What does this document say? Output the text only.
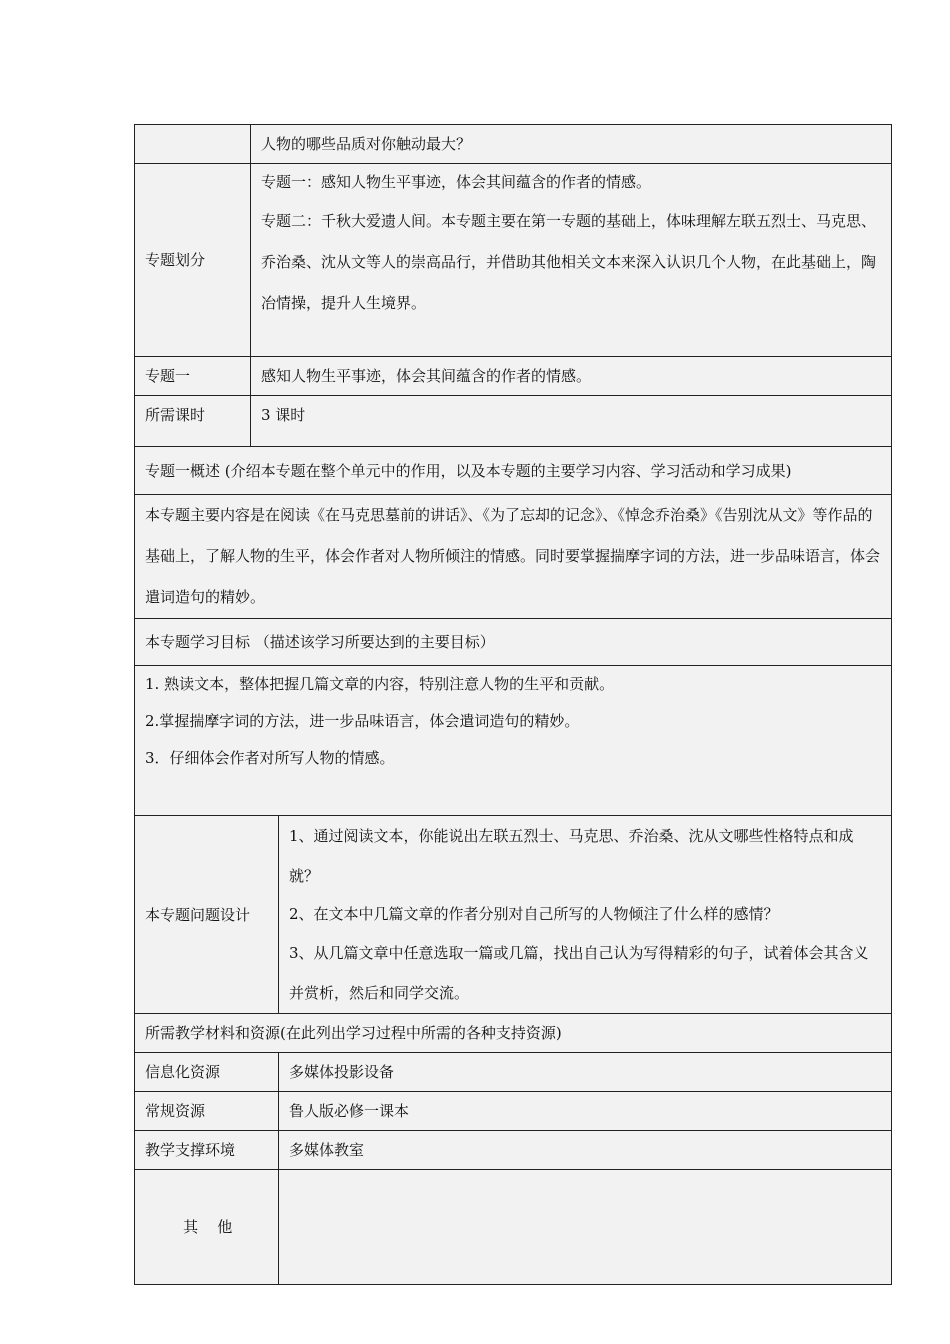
	人物的哪些品质对你触动最大？	
专题划分	专题一：感知人物生平事迹，体会其间蕴含的作者的情感。

专题二：千秋大爱遗人间。本专题主要在第一专题的基础上，体味理解左联五烈士、马克思、乔治桑、沈从文等人的崇高品行，并借助其他相关文本来深入认识几个人物，在此基础上，陶冶情操，提升人生境界。	

专题一	感知人物生平事迹，体会其间蕴含的作者的情感。	
所需课时	3 课时	
专题一概述 (介绍本专题在整个单元中的作用，以及本专题的主要学习内容、学习活动和学习成果)		
本专题主要内容是在阅读《在马克思墓前的讲话》、《为了忘却的记念》、《悼念乔治桑》《告别沈从文》等作品的基础上，了解人物的生平，体会作者对人物所倾注的情感。同时要掌握揣摩字词的方法，进一步品味语言，体会遣词造句的精妙。		
本专题学习目标 （描述该学习所要达到的主要目标）		

1. 熟读文本，整体把握几篇文章的内容，特别注意人物的生平和贡献。

2.掌握揣摩字词的方法，进一步品味语言，体会遣词造句的精妙。

3．仔细体会作者对所写人物的情感。		

本专题问题设计		1、通过阅读文本，你能说出左联五烈士、马克思、乔治桑、沈从文哪些性格特点和成就？

2、在文本中几篇文章的作者分别对自己所写的人物倾注了什么样的感情？

3、从几篇文章中任意选取一篇或几篇，找出自己认为写得精彩的句子，试着体会其含义并赏析，然后和同学交流。

所需教学材料和资源(在此列出学习过程中所需的各种支持资源)		
信息化资源		多媒体投影设备
常规资源		鲁人版必修一课本
教学支撑环境		多媒体教室

其    他	
